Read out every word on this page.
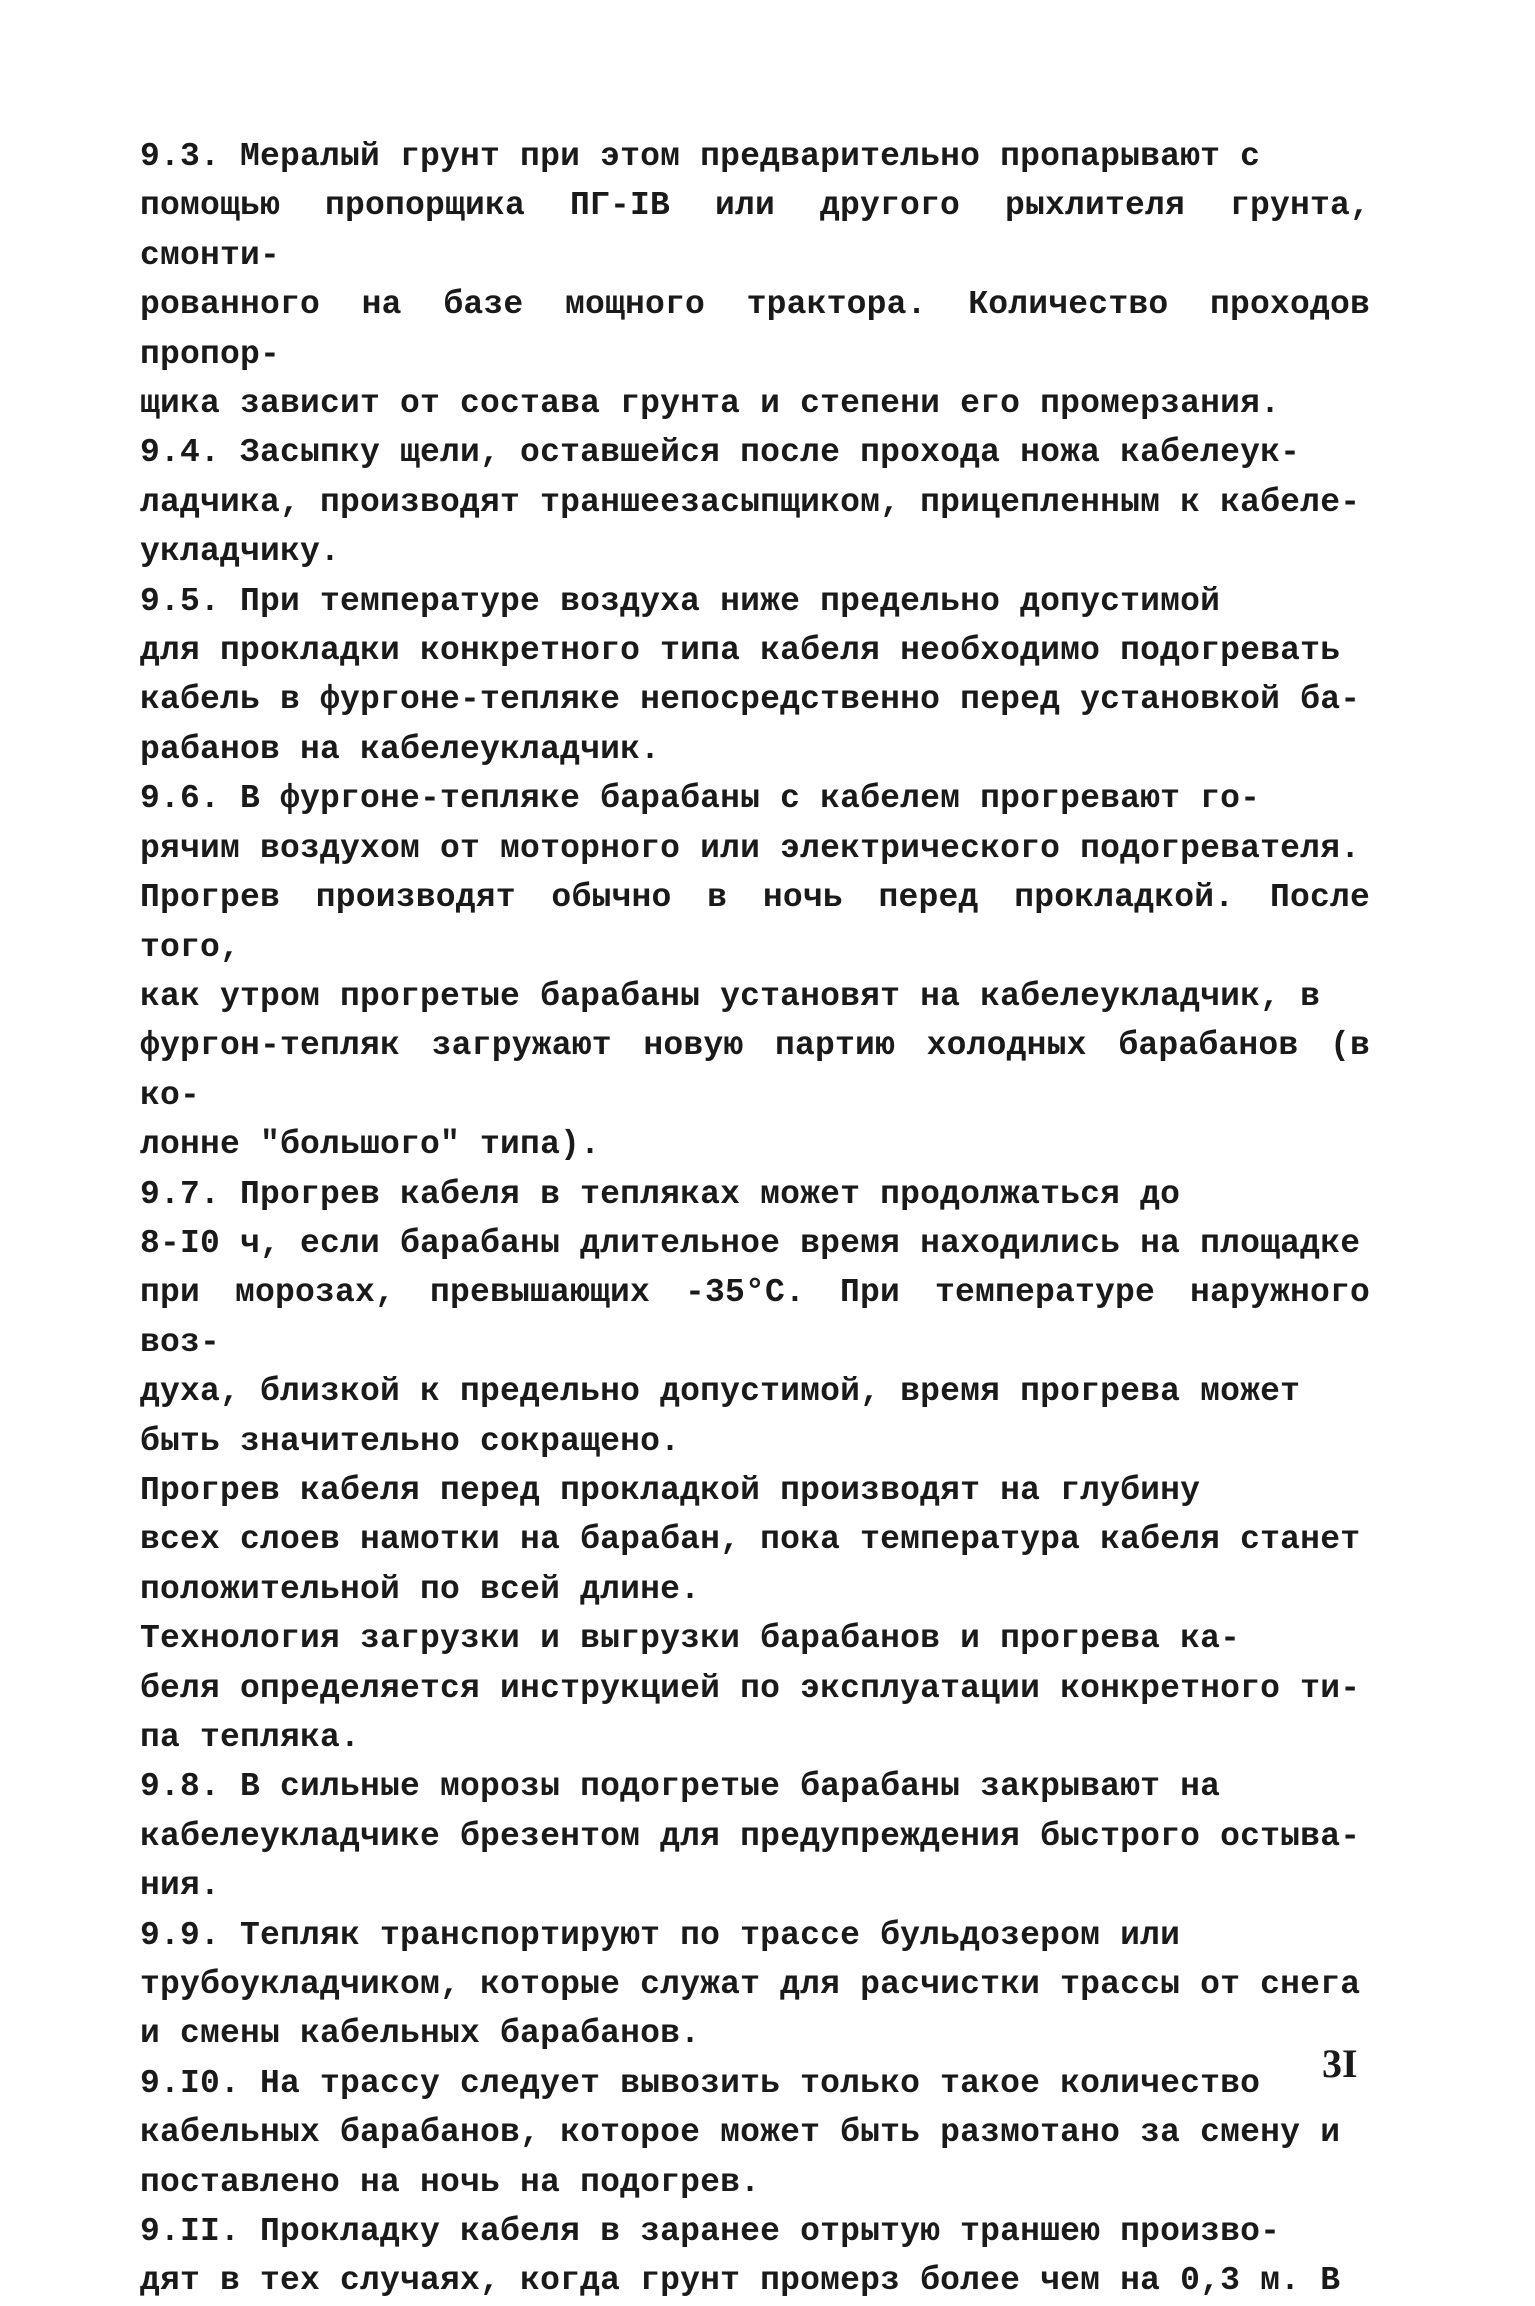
9.3. Мералый грунт при этом предварительно пропарывают с
помощью пропорщика ПГ-IВ или другого рыхлителя грунта, смонти-
рованного на базе мощного трактора. Количество проходов пропор-
щика зависит от состава грунта и степени его промерзания.

9.4. Засыпку щели, оставшейся после прохода ножа кабелеук-
ладчика, производят траншеезасыпщиком, прицепленным к кабеле-
укладчику.

9.5. При температуре воздуха ниже предельно допустимой
для прокладки конкретного типа кабеля необходимо подогревать
кабель в фургоне-тепляке непосредственно перед установкой ба-
рабанов на кабелеукладчик.

9.6. В фургоне-тепляке барабаны с кабелем прогревают го-
рячим воздухом от моторного или электрического подогревателя.
Прогрев производят обычно в ночь перед прокладкой. После того,
как утром прогретые барабаны установят на кабелеукладчик, в
фургон-тепляк загружают новую партию холодных барабанов (в ко-
лонне "большого" типа).

9.7. Прогрев кабеля в тепляках может продолжаться до
8-I0 ч, если барабаны длительное время находились на площадке
при морозах, превышающих -35°С. При температуре наружного воз-
духа, близкой к предельно допустимой, время прогрева может
быть значительно сокращено.

Прогрев кабеля перед прокладкой производят на глубину
всех слоев намотки на барабан, пока температура кабеля станет
положительной по всей длине.

Технология загрузки и выгрузки барабанов и прогрева ка-
беля определяется инструкцией по эксплуатации конкретного ти-
па тепляка.

9.8. В сильные морозы подогретые барабаны закрывают на
кабелеукладчике брезентом для предупреждения быстрого остыва-
ния.

9.9. Тепляк транспортируют по трассе бульдозером или
трубоукладчиком, которые служат для расчистки трассы от снега
и смены кабельных барабанов.

9.I0. На трассу следует вывозить только такое количество
кабельных барабанов, которое может быть размотано за смену и
поставлено на ночь на подогрев.

9.II. Прокладку кабеля в заранее отрытую траншею произво-
дят в тех случаях, когда грунт промерз более чем на 0,3 м. В

3I
